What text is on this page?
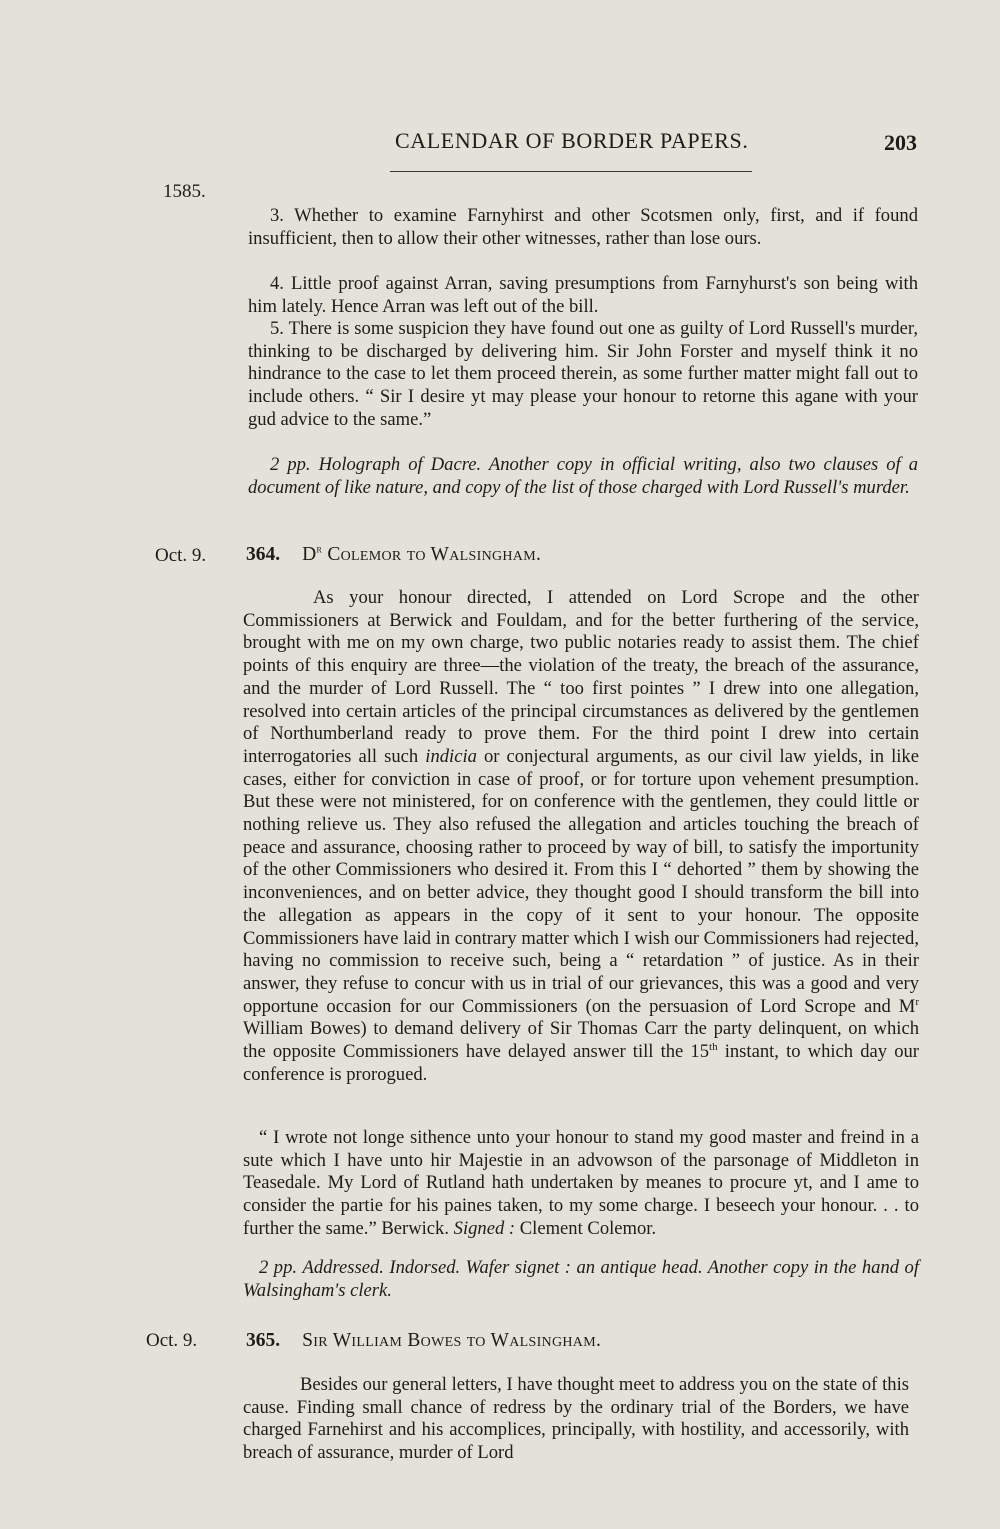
CALENDAR OF BORDER PAPERS.	203
1585.

3. Whether to examine Farnyhirst and other Scotsmen only, first, and if found insufficient, then to allow their other witnesses, rather than lose ours.

4. Little proof against Arran, saving presumptions from Farnyhurst's son being with him lately. Hence Arran was left out of the bill.

5. There is some suspicion they have found out one as guilty of Lord Russell's murder, thinking to be discharged by delivering him. Sir John Forster and myself think it no hindrance to the case to let them proceed therein, as some further matter might fall out to include others. “ Sir I desire yt may please your honour to retorne this agane with your gud advice to the same.”

2 pp. Holograph of Dacre. Another copy in official writing, also two clauses of a document of like nature, and copy of the list of those charged with Lord Russell's murder.

Oct. 9. 364. $D^r$ Colemor to Walsingham.

As your honour directed, I attended on Lord Scrope and the other Commissioners at Berwick and Fouldam, and for the better furthering of the service, brought with me on my own charge, two public notaries ready to assist them. The chief points of this enquiry are three—the violation of the treaty, the breach of the assurance, and the murder of Lord Russell. The “ too first pointes ” I drew into one allegation, resolved into certain articles of the principal circumstances as delivered by the gentlemen of Northumberland ready to prove them. For the third point I drew into certain interrogatories all such indicia or conjectural arguments, as our civil law yields, in like cases, either for conviction in case of proof, or for torture upon vehement presumption. But these were not ministered, for on conference with the gentlemen, they could little or nothing relieve us. They also refused the allegation and articles touching the breach of peace and assurance, choosing rather to proceed by way of bill, to satisfy the importunity of the other Commissioners who desired it. From this I “ dehorted ” them by showing the inconveniences, and on better advice, they thought good I should transform the bill into the allegation as appears in the copy of it sent to your honour. The opposite Commissioners have laid in contrary matter which I wish our Commissioners had rejected, having no commission to receive such, being a “ retardation ” of justice. As in their answer, they refuse to concur with us in trial of our grievances, this was a good and very opportune occasion for our Commissioners (on the persuasion of Lord Scrope and $M^r$ William Bowes) to demand delivery of Sir Thomas Carr the party delinquent, on which the opposite Commissioners have delayed answer till the 15th instant, to which day our conference is prorogued.

“ I wrote not longe sithence unto your honour to stand my good master and freind in a sute which I have unto hir Majestie in an advowson of the parsonage of Middleton in Teasedale. My Lord of Rutland hath undertaken by meanes to procure yt, and I ame to consider the partie for his paines taken, to my some charge. I beseech your honour. . . to further the same.” Berwick. Signed : Clement Colemor.

2 pp. Addressed. Indorsed. Wafer signet : an antique head. Another copy in the hand of Walsingham's clerk.

Oct. 9.	365. Sir William Bowes to Walsingham.

Besides our general letters, I have thought meet to address you on the state of this cause. Finding small chance of redress by the ordinary trial of the Borders, we have charged Farnehirst and his accomplices, principally, with hostility, and accessorily, with breach of assurance, murder of Lord
